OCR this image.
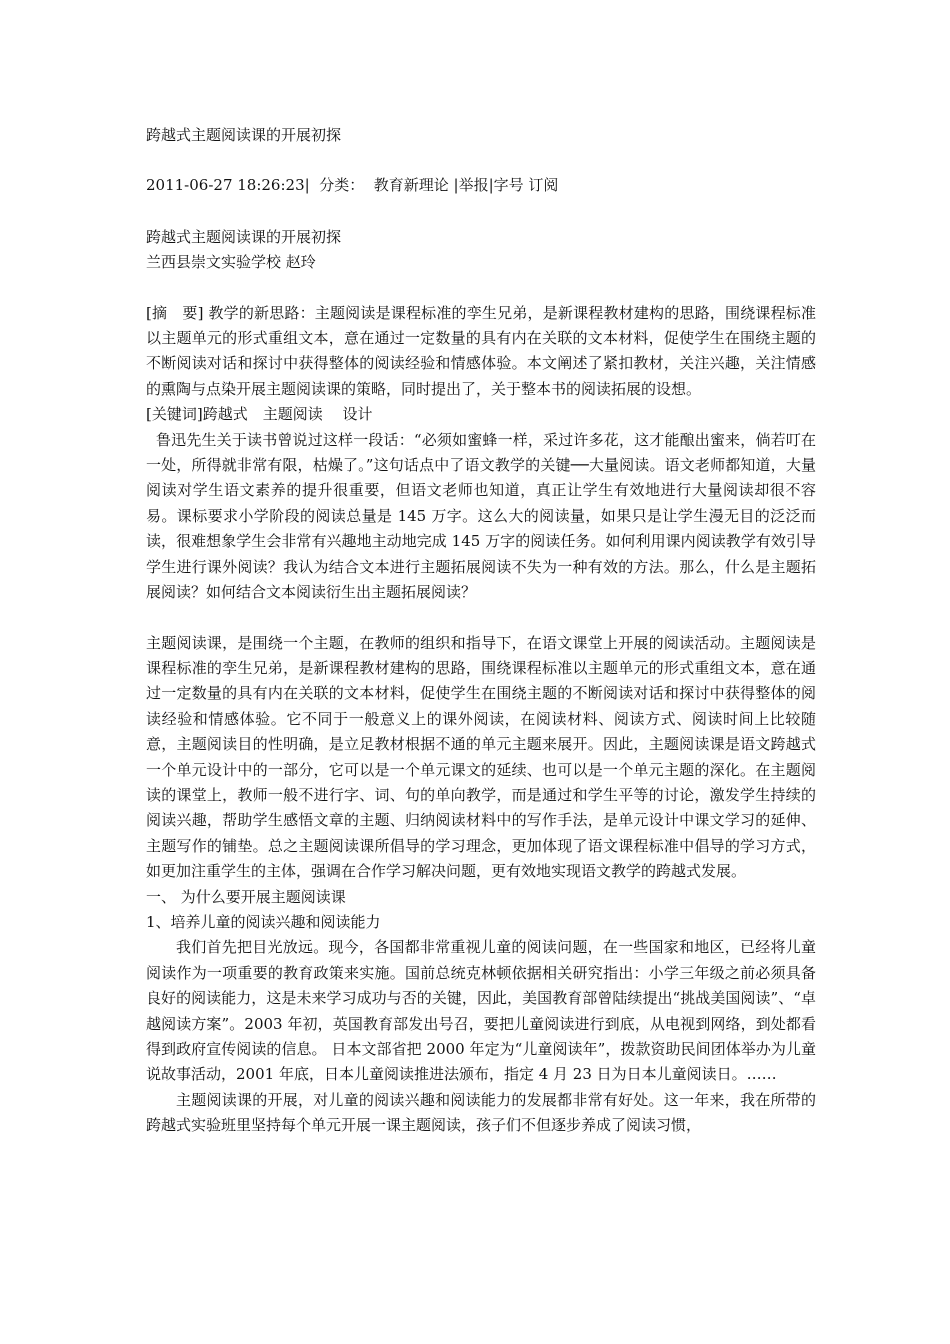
跨越式主题阅读课的开展初探
2011-06-27 18:26:23|  分类：  教育新理论 |举报|字号 订阅
跨越式主题阅读课的开展初探
兰西县崇文实验学校 赵玲
[摘　要] 教学的新思路：主题阅读是课程标准的孪生兄弟，是新课程教材建构的思路，围绕课程标准以主题单元的形式重组文本，意在通过一定数量的具有内在关联的文本材料，促使学生在围绕主题的不断阅读对话和探讨中获得整体的阅读经验和情感体验。本文阐述了紧扣教材，关注兴趣，关注情感的熏陶与点染开展主题阅读课的策略，同时提出了，关于整本书的阅读拓展的设想。
[关键词]跨越式　主题阅读　 设计
鲁迅先生关于读书曾说过这样一段话：“必须如蜜蜂一样，采过许多花，这才能酿出蜜来，倘若叮在一处，所得就非常有限，枯燥了。”这句话点中了语文教学的关键──大量阅读。语文老师都知道，大量阅读对学生语文素养的提升很重要，但语文老师也知道，真正让学生有效地进行大量阅读却很不容易。课标要求小学阶段的阅读总量是 145 万字。这么大的阅读量，如果只是让学生漫无目的泛泛而读，很难想象学生会非常有兴趣地主动地完成 145 万字的阅读任务。如何利用课内阅读教学有效引导学生进行课外阅读？我认为结合文本进行主题拓展阅读不失为一种有效的方法。那么，什么是主题拓展阅读？如何结合文本阅读衍生出主题拓展阅读？
主题阅读课，是围绕一个主题，在教师的组织和指导下，在语文课堂上开展的阅读活动。主题阅读是课程标准的孪生兄弟，是新课程教材建构的思路，围绕课程标准以主题单元的形式重组文本，意在通过一定数量的具有内在关联的文本材料，促使学生在围绕主题的不断阅读对话和探讨中获得整体的阅读经验和情感体验。它不同于一般意义上的课外阅读，在阅读材料、阅读方式、阅读时间上比较随意，主题阅读目的性明确，是立足教材根据不通的单元主题来展开。因此，主题阅读课是语文跨越式一个单元设计中的一部分，它可以是一个单元课文的延续、也可以是一个单元主题的深化。在主题阅读的课堂上，教师一般不进行字、词、句的单向教学，而是通过和学生平等的讨论，激发学生持续的阅读兴趣，帮助学生感悟文章的主题、归纳阅读材料中的写作手法，是单元设计中课文学习的延伸、主题写作的铺垫。总之主题阅读课所倡导的学习理念，更加体现了语文课程标准中倡导的学习方式，如更加注重学生的主体，强调在合作学习解决问题，更有效地实现语文教学的跨越式发展。
一、 为什么要开展主题阅读课
1、培养儿童的阅读兴趣和阅读能力
我们首先把目光放远。现今，各国都非常重视儿童的阅读问题，在一些国家和地区，已经将儿童阅读作为一项重要的教育政策来实施。国前总统克林顿依据相关研究指出：小学三年级之前必须具备良好的阅读能力，这是未来学习成功与否的关键，因此，美国教育部曾陆续提出“挑战美国阅读”、“卓越阅读方案”。2003 年初，英国教育部发出号召，要把儿童阅读进行到底，从电视到网络，到处都看得到政府宣传阅读的信息。 日本文部省把 2000 年定为“儿童阅读年”，拨款资助民间团体举办为儿童说故事活动，2001 年底，日本儿童阅读推进法颁布，指定 4 月 23 日为日本儿童阅读日。……
主题阅读课的开展，对儿童的阅读兴趣和阅读能力的发展都非常有好处。这一年来，我在所带的跨越式实验班里坚持每个单元开展一课主题阅读，孩子们不但逐步养成了阅读习惯，
